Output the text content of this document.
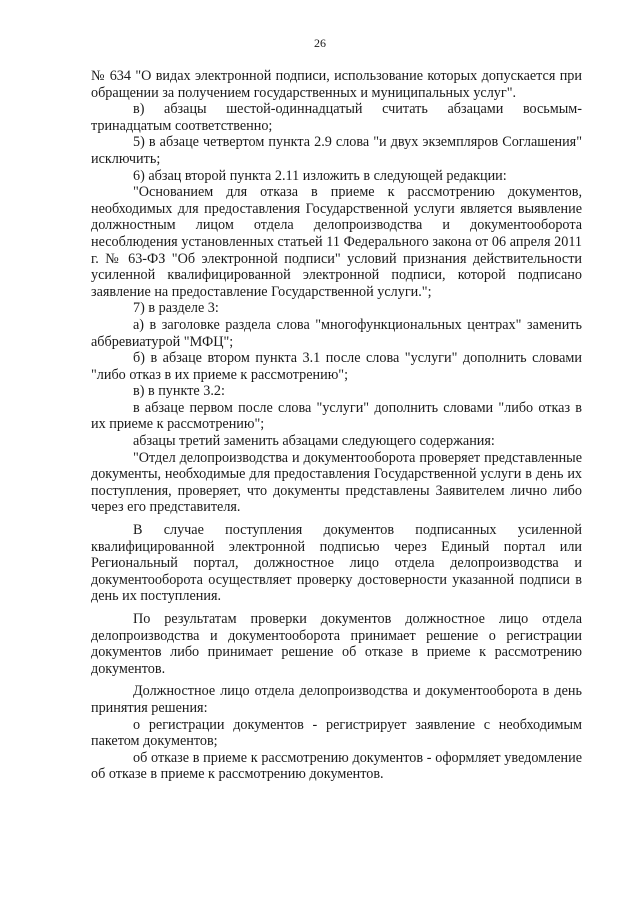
26

№ 634 "О видах электронной подписи, использование которых допускается при обращении за получением государственных и муниципальных услуг".

в) абзацы шестой-одиннадцатый считать абзацами восьмым-тринадцатым соответственно;

5) в абзаце четвертом пункта 2.9 слова "и двух экземпляров Соглашения" исключить;

6) абзац второй пункта 2.11 изложить в следующей редакции:

"Основанием для отказа в приеме к рассмотрению документов, необходимых для предоставления Государственной услуги является выявление должностным лицом отдела делопроизводства и документооборота несоблюдения установленных статьей 11 Федерального закона от 06 апреля 2011 г. № 63-ФЗ "Об электронной подписи" условий признания действительности усиленной квалифицированной электронной подписи, которой подписано заявление на предоставление Государственной услуги.";

7) в разделе 3:

а) в заголовке раздела слова "многофункциональных центрах" заменить аббревиатурой "МФЦ";

б) в абзаце втором пункта 3.1 после слова "услуги" дополнить словами "либо отказ в их приеме к рассмотрению";

в) в пункте 3.2:

в абзаце первом после слова "услуги" дополнить словами "либо отказ в их приеме к рассмотрению";

абзацы третий заменить абзацами следующего содержания:

"Отдел делопроизводства и документооборота проверяет представленные документы, необходимые для предоставления Государственной услуги в день их поступления, проверяет, что документы представлены Заявителем лично либо через его представителя.

В случае поступления документов подписанных усиленной квалифицированной электронной подписью через Единый портал или Региональный портал, должностное лицо отдела делопроизводства и документооборота осуществляет проверку достоверности указанной подписи в день их поступления.

По результатам проверки документов должностное лицо отдела делопроизводства и документооборота принимает решение о регистрации документов либо принимает решение об отказе в приеме к рассмотрению документов.

Должностное лицо отдела делопроизводства и документооборота в день принятия решения:

о регистрации документов - регистрирует заявление с необходимым пакетом документов;

об отказе в приеме к рассмотрению документов - оформляет уведомление об отказе в приеме к рассмотрению документов.
